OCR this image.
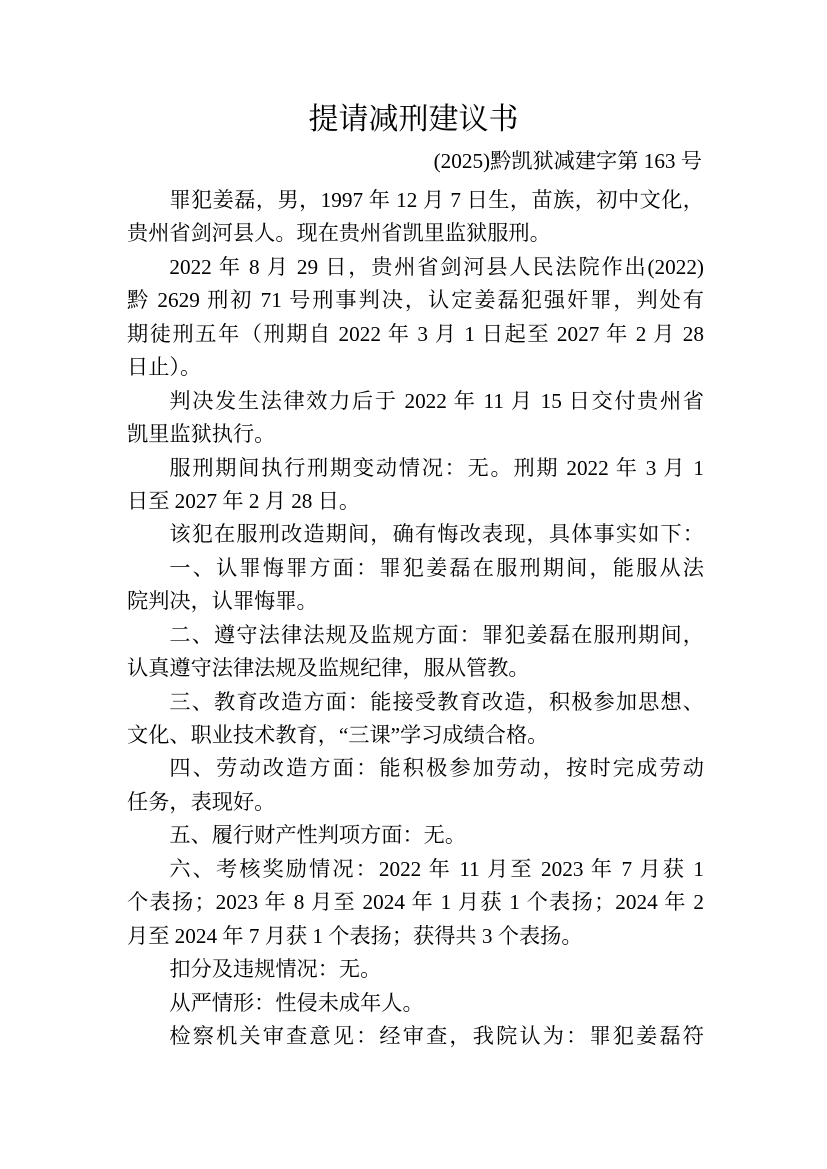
提请减刑建议书
(2025)黔凯狱减建字第 163 号
罪犯姜磊，男，1997 年 12 月 7 日生，苗族，初中文化，
贵州省剑河县人。现在贵州省凯里监狱服刑。
2022 年 8 月 29 日，贵州省剑河县人民法院作出(2022)
黔 2629 刑初 71 号刑事判决，认定姜磊犯强奸罪，判处有
期徒刑五年（刑期自 2022 年 3 月 1 日起至 2027 年 2 月 28
日止）。
判决发生法律效力后于 2022 年 11 月 15 日交付贵州省
凯里监狱执行。
服刑期间执行刑期变动情况：无。刑期 2022 年 3 月 1
日至 2027 年 2 月 28 日。
该犯在服刑改造期间，确有悔改表现，具体事实如下：
一、认罪悔罪方面：罪犯姜磊在服刑期间，能服从法
院判决，认罪悔罪。
二、遵守法律法规及监规方面：罪犯姜磊在服刑期间，
认真遵守法律法规及监规纪律，服从管教。
三、教育改造方面：能接受教育改造，积极参加思想、
文化、职业技术教育，“三课”学习成绩合格。
四、劳动改造方面：能积极参加劳动，按时完成劳动
任务，表现好。
五、履行财产性判项方面：无。
六、考核奖励情况：2022 年 11 月至 2023 年 7 月获 1
个表扬；2023 年 8 月至 2024 年 1 月获 1 个表扬；2024 年 2
月至 2024 年 7 月获 1 个表扬；获得共 3 个表扬。
扣分及违规情况：无。
从严情形：性侵未成年人。
检察机关审查意见：经审查，我院认为：罪犯姜磊符
